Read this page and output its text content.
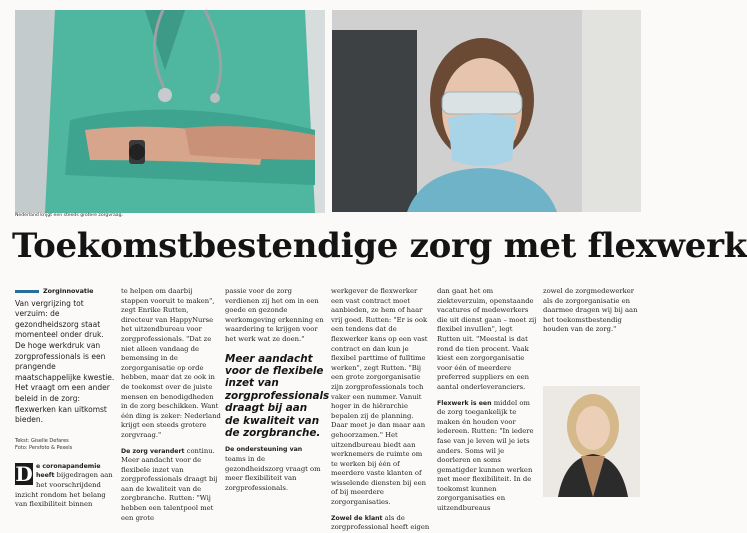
Nederland krijgt een steeds grotere zorgvraag.
Toekomstbestendige zorg met flexwerk
Zorginnovatie

Van vergrijzing tot verzuim: de gezondheidszorg staat momenteel onder druk. De hoge werkdruk van zorgprofessionals is een prangende maatschappelijke kwestie. Het vraagt om een ander beleid in de zorg: flexwerken kan uitkomst bieden.

Tekst: Giselle Defares
Foto: Persfoto & Pexels
D e coronapandemie heeft bijgedragen aan het voorschrijdend inzicht rondom het belang van flexibiliteit binnen

te helpen om daarbij stappen vooruit te maken", zegt Enrike Rutten, directeur van HappyNurse het uitzendbureau voor zorgprofessionals. "Dat ze niet alleen vandaag de bemensing in de zorgorganisatie op orde hebben, maar dat ze ook in de toekomst over de juiste mensen en benodigdheden in de zorg beschikken. Want één ding is zeker: Nederland krijgt een steeds grotere zorgvraag."

De zorg verandert continu. Meer aandacht voor de flexibele inzet van zorgprofessionals draagt bij aan de kwaliteit van de zorgbranche. Rutten: "Wij hebben een talentpool met een grote

passie voor de zorg verdienen zij het om in een goede en gezonde werkomgeving erkenning en waardering te krijgen voor het werk wat ze doen."

Meer aandacht voor de flexibele inzet van zorgprofessionals draagt bij aan de kwaliteit van de zorgbranche.

De ondersteuning van teams in de gezondheidszorg vraagt om meer flexibiliteit van zorgprofessionals.

werkgever de flexwerker een vast contract moet aanbieden, ze hem of haar vrij goed. Rutten: "Er is ook een tendens dat de flexwerker kans op een vast contract en dan kun je flexibel parttime of fulltime werken", zegt Rutten. "Bij een grote zorgorganisatie zijn zorgprofessionals toch vaker een nummer. Vanuit hoger in de hiërarchie bepalen zij de planning. Daar moet je dan maar aan gehoorzamen." Het uitzendbureau biedt aan werknemers de ruimte om te werken bij één of meerdere vaste klanten of wisselende diensten bij een of bij meerdere zorgorganisaties.

Zowel de klant als de zorgprofessional heeft eigen

dan gaat het om ziekteverzuim, openstaande vacatures of medewerkers die uit dienst gaan – moet zij flexibel invullen", legt Rutten uit. "Meestal is dat rond de tien procent. Vaak kiest een zorgorganisatie voor één of meerdere preferred suppliers en een aantal onderleveranciers.

Flexwerk is een middel om de zorg toegankelijk te maken én houden voor iedereen. Rutten: "In iedere fase van je leven wil je iets anders. Soms wil je doorleren en soms gematigder kunnen werken met meer flexibiliteit. In de toekomst kunnen zorgorganisaties en uitzendbureaus

zowel de zorgmedewerker als de zorgorganisatie en daarmee dragen wij bij aan het toekomstbestendig houden van de zorg."
